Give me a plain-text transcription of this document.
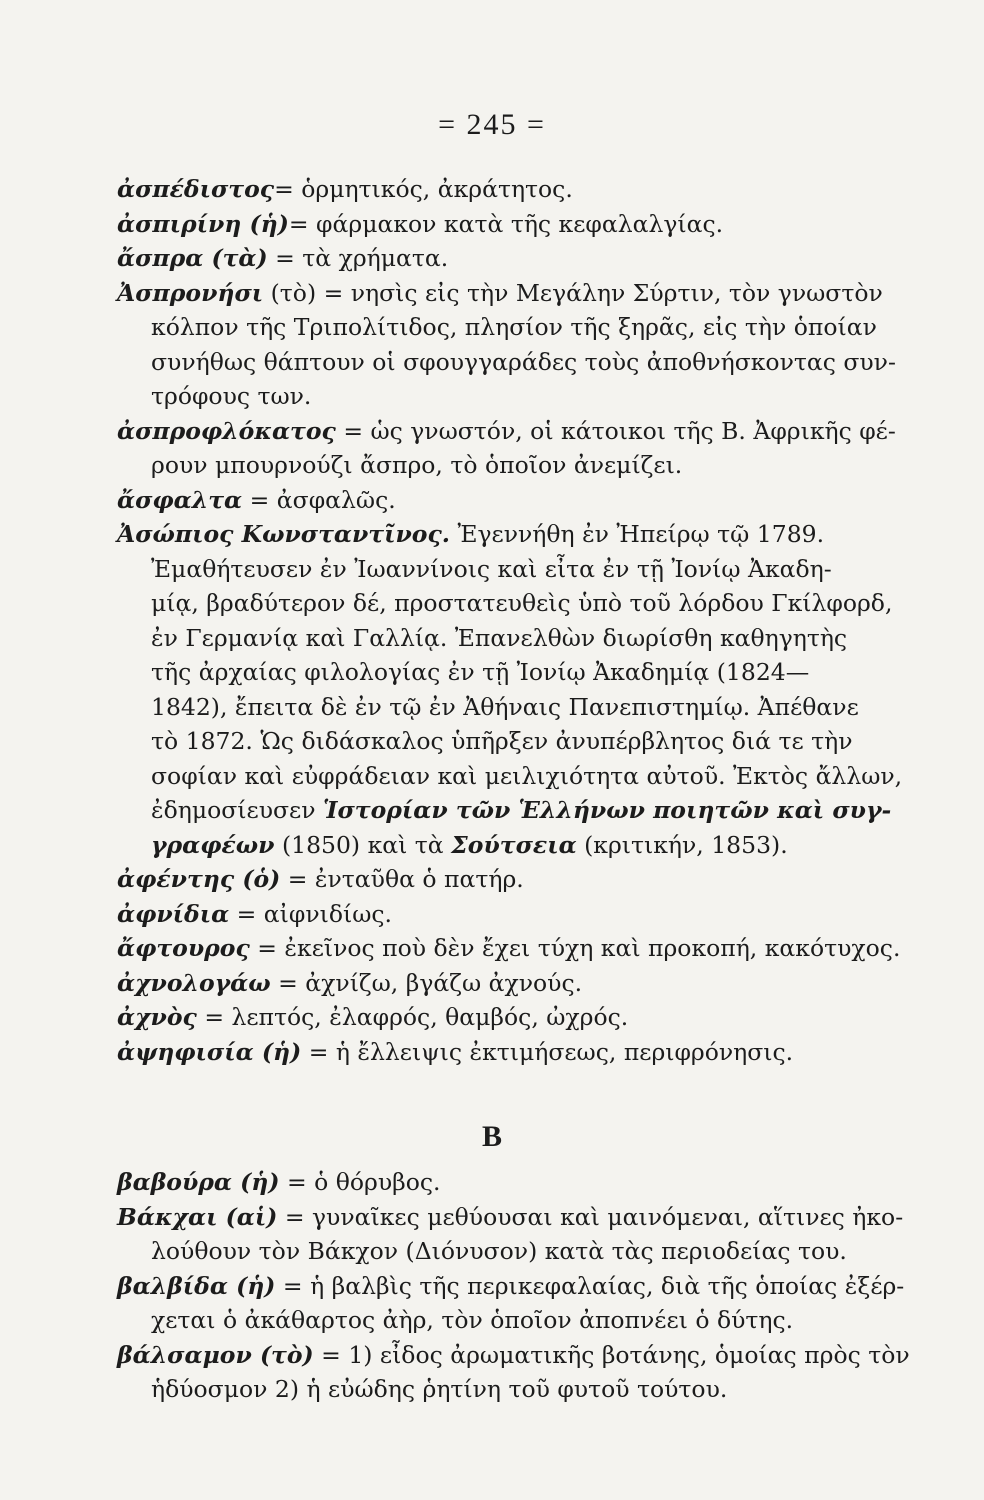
= 245 =

ἀσπέδιστος= ὁρμητικός, ἀκράτητος.

ἀσπιρίνη (ἡ)= φάρμακον κατὰ τῆς κεφαλαλγίας.

ἄσπρα (τὰ) = τὰ χρήματα.

Ἀσπρονήσι (τὸ) = νησὶς εἰς τὴν Μεγάλην Σύρτιν, τὸν γνωστὸν
κόλπον τῆς Τριπολίτιδος, πλησίον τῆς ξηρᾶς, εἰς τὴν ὁποίαν
συνήθως θάπτουν οἱ σφουγγαράδες τοὺς ἀποθνήσκοντας συν-
τρόφους των.

ἀσπροφλόκατος = ὡς γνωστόν, οἱ κάτοικοι τῆς Β. Ἀφρικῆς φέ-
ρουν μπουρνούζι ἄσπρο, τὸ ὁποῖον ἀνεμίζει.

ἄσφαλτα = ἀσφαλῶς.

Ἀσώπιος Κωνσταντῖνος. Ἐγεννήθη ἐν Ἠπείρῳ τῷ 1789.
Ἐμαθήτευσεν ἐν Ἰωαννίνοις καὶ εἶτα ἐν τῇ Ἰονίῳ Ἀκαδη-
μίᾳ, βραδύτερον δέ, προστατευθεὶς ὑπὸ τοῦ λόρδου Γκίλφορδ,
ἐν Γερμανίᾳ καὶ Γαλλίᾳ. Ἐπανελθὼν διωρίσθη καθηγητὴς
τῆς ἀρχαίας φιλολογίας ἐν τῇ Ἰονίῳ Ἀκαδημίᾳ (1824—
1842), ἔπειτα δὲ ἐν τῷ ἐν Ἀθήναις Πανεπιστημίῳ. Ἀπέθανε
τὸ 1872. Ὡς διδάσκαλος ὑπῆρξεν ἀνυπέρβλητος διά τε τὴν
σοφίαν καὶ εὐφράδειαν καὶ μειλιχιότητα αὐτοῦ. Ἐκτὸς ἄλλων,
ἐδημοσίευσεν Ἱστορίαν τῶν Ἑλλήνων ποιητῶν καὶ συγ-
γραφέων (1850) καὶ τὰ Σούτσεια (κριτικήν, 1853).

ἀφέντης (ὁ) = ἐνταῦθα ὁ πατήρ.

ἀφνίδια = αἰφνιδίως.

ἄφτουρος = ἐκεῖνος ποὺ δὲν ἔχει τύχη καὶ προκοπή, κακότυχος.

ἀχνολογάω = ἀχνίζω, βγάζω ἀχνούς.

ἀχνὸς = λεπτός, ἐλαφρός, θαμβός, ὠχρός.

ἀψηφισία (ἡ) = ἡ ἔλλειψις ἐκτιμήσεως, περιφρόνησις.

B

βαβούρα (ἡ) = ὁ θόρυβος.

Βάκχαι (αἱ) = γυναῖκες μεθύουσαι καὶ μαινόμεναι, αἵτινες ἠκο-
λούθουν τὸν Βάκχον (Διόνυσον) κατὰ τὰς περιοδείας του.

βαλβίδα (ἡ) = ἡ βαλβὶς τῆς περικεφαλαίας, διὰ τῆς ὁποίας ἐξέρ-
χεται ὁ ἀκάθαρτος ἀὴρ, τὸν ὁποῖον ἀποπνέει ὁ δύτης.

βάλσαμον (τὸ) = 1) εἶδος ἀρωματικῆς βοτάνης, ὁμοίας πρὸς τὸν
ἡδύοσμον 2) ἡ εὐώδης ῥητίνη τοῦ φυτοῦ τούτου.
